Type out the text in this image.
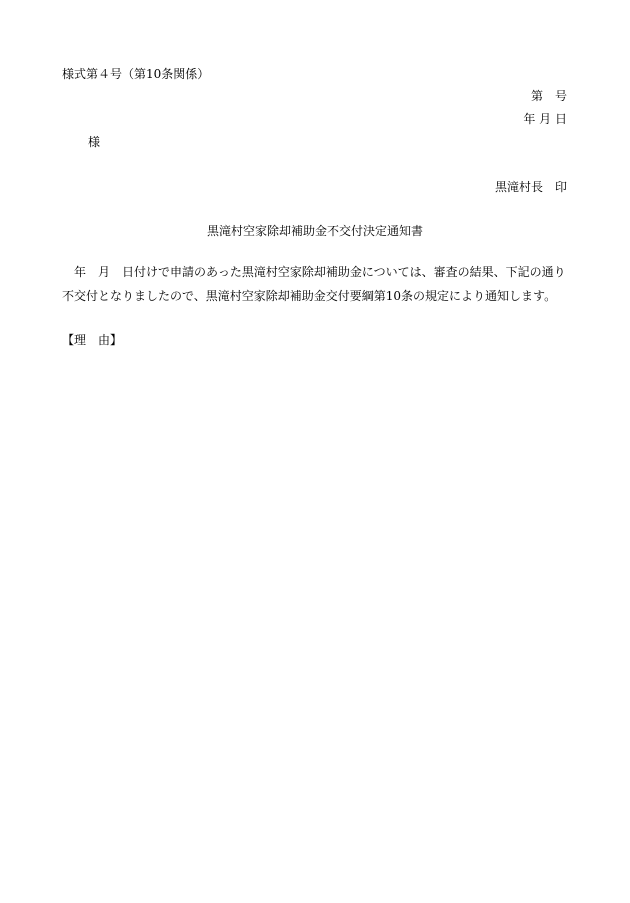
様式第４号（第10条関係）
第　号
年 月 日
様
黒滝村長　印
黒滝村空家除却補助金不交付決定通知書
年　月　日付けで申請のあった黒滝村空家除却補助金については、審査の結果、下記の通り
不交付となりましたので、黒滝村空家除却補助金交付要綱第10条の規定により通知します。
【理　由】
